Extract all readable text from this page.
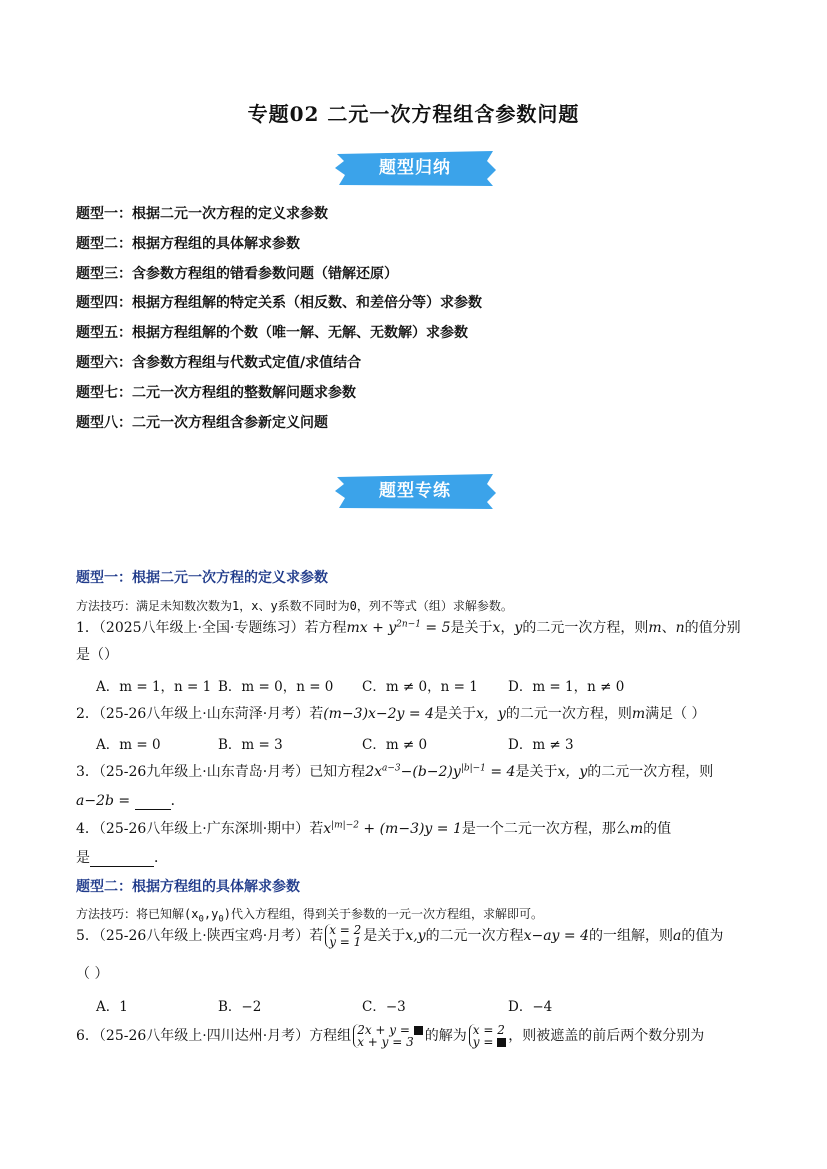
专题02 二元一次方程组含参数问题
题型归纳
题型一：根据二元一次方程的定义求参数
题型二：根据方程组的具体解求参数
题型三：含参数方程组的错看参数问题（错解还原）
题型四：根据方程组解的特定关系（相反数、和差倍分等）求参数
题型五：根据方程组解的个数（唯一解、无解、无数解）求参数
题型六：含参数方程组与代数式定值/求值结合
题型七：二元一次方程组的整数解问题求参数
题型八：二元一次方程组含参新定义问题
题型专练
题型一：根据二元一次方程的定义求参数
方法技巧：满足未知数次数为1，x、y系数不同时为0，列不等式（组）求解参数。
1．（2025八年级上·全国·专题练习）若方程mx + $y^{2n-1} = 5$是关于x，y的二元一次方程，则m、n的值分别
是（）
A．m = 1，n = 1 B．m = 0，n = 0 C．m ≠ 0，n = 1 D．m = 1，n ≠ 0
2．（25-26八年级上·山东菏泽·月考）若(m−3)x−2y = 4是关于x，y的二元一次方程，则m满足（ ）
A．m = 0	B．m = 3	C．m ≠ 0	D．m ≠ 3
3．（25-26九年级上·山东青岛·月考）已知方程$2x^{a-3}-(b-2)y^{|b|-1} = 4$是关于x，y的二元一次方程，则
a−2b =	．
4．（25-26八年级上·广东深圳·期中）若$x^{|m|-2} + (m-3)y = 1$是一个二元一次方程，那么m的值
是	．
题型二：根据方程组的具体解求参数
方法技巧：将已知解$(x_0,y_0)$代入方程组，得到关于参数的一元一次方程组，求解即可。
5．（25-26八年级上·陕西宝鸡·月考）若 x = 2
y = 1 是关于x,y的二元一次方程x−ay = 4的一组解，则a的值为
（ ）
A．1	B．−2	C．−3	D．−4
6．（25-26八年级上·四川达州·月考）方程组 2x + y =
x + y = 3 的解为 x = 2
y = ，则被遮盖的前后两个数分别为
